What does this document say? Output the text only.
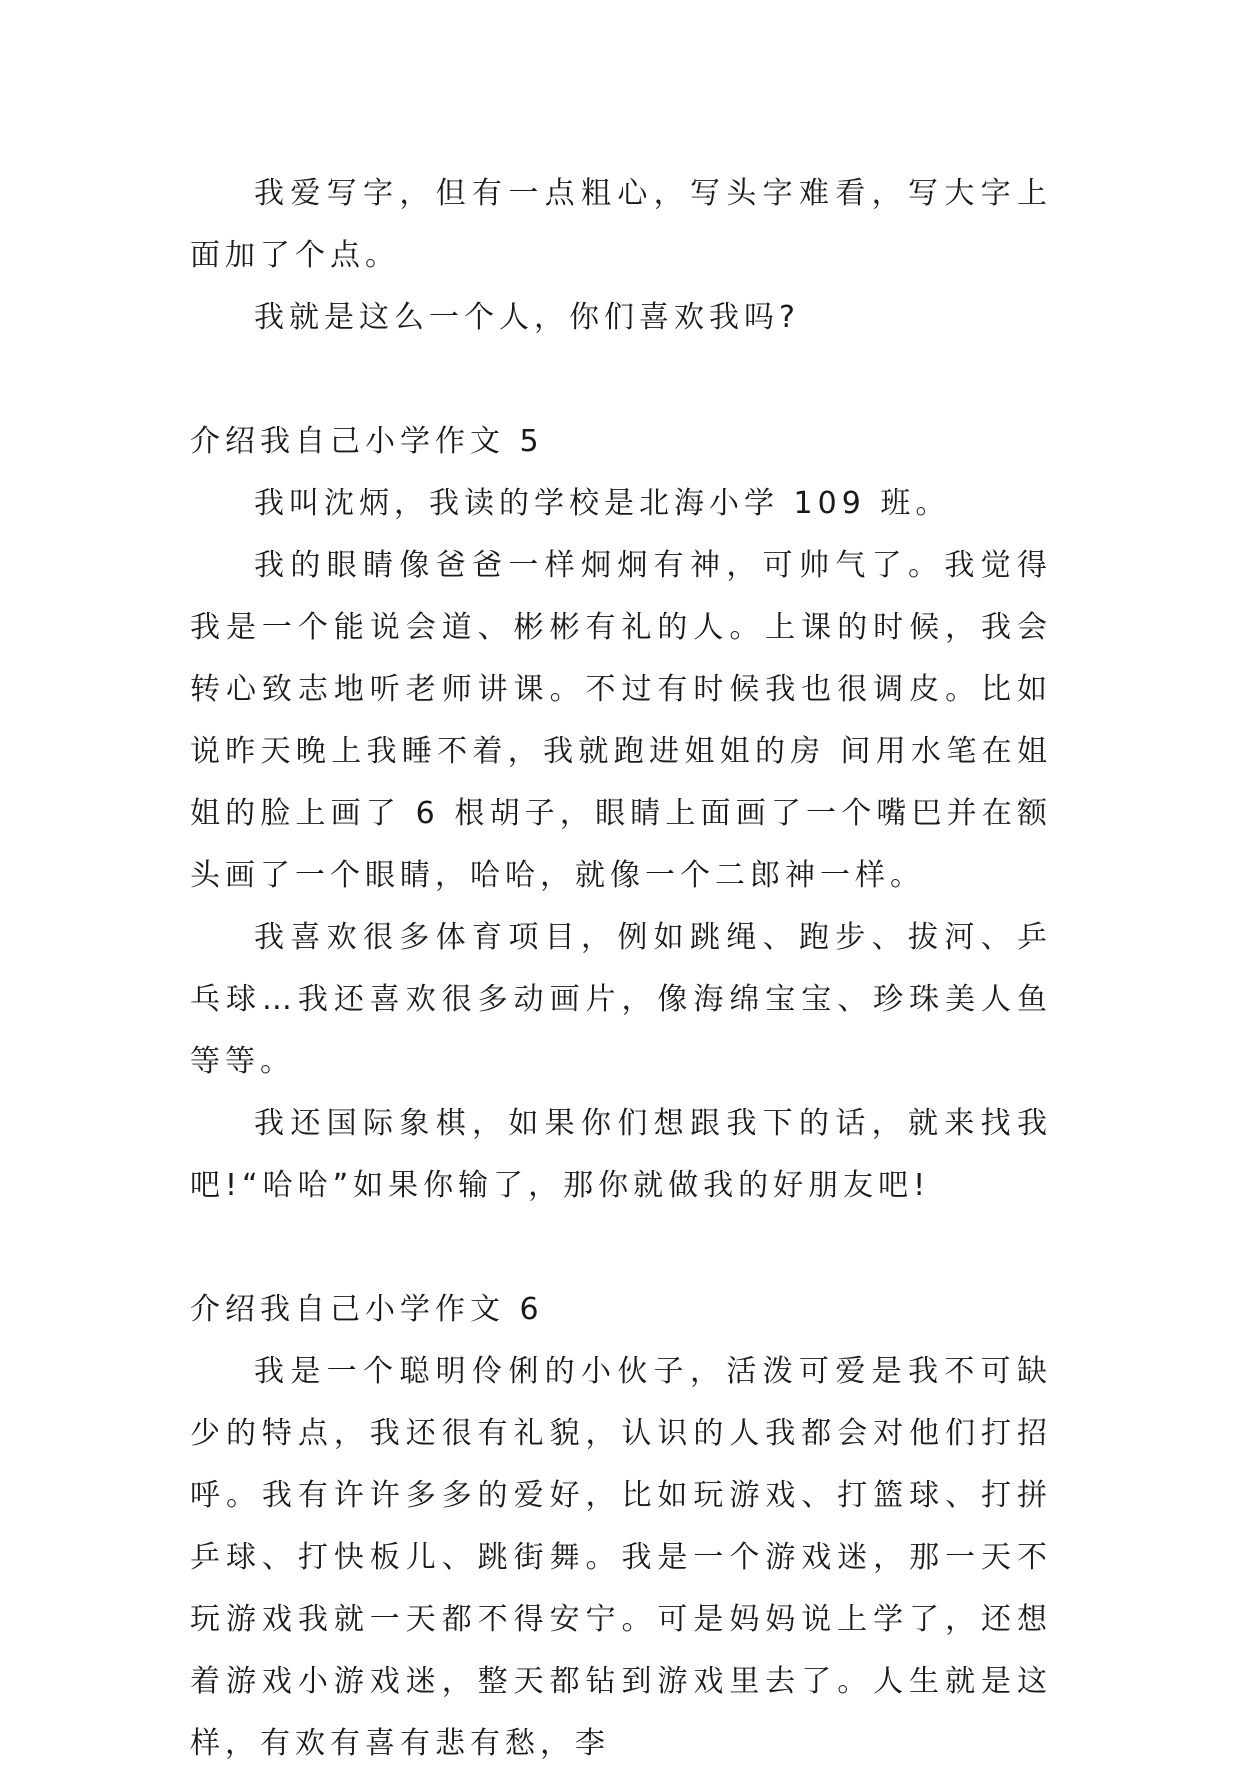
我爱写字，但有一点粗心，写头字难看，写大字上面加了个点。

我就是这么一个人，你们喜欢我吗?

介绍我自己小学作文 5

我叫沈炳，我读的学校是北海小学 109 班。

我的眼睛像爸爸一样炯炯有神，可帅气了。我觉得我是一个能说会道、彬彬有礼的人。上课的时候，我会转心致志地听老师讲课。不过有时候我也很调皮。比如说昨天晚上我睡不着，我就跑进姐姐的房 间用水笔在姐姐的脸上画了 6 根胡子，眼睛上面画了一个嘴巴并在额头画了一个眼睛，哈哈，就像一个二郎神一样。

我喜欢很多体育项目，例如跳绳、跑步、拔河、乒乓球…我还喜欢很多动画片，像海绵宝宝、珍珠美人鱼等等。

我还国际象棋，如果你们想跟我下的话，就来找我吧!“哈哈”如果你输了，那你就做我的好朋友吧!

介绍我自己小学作文 6

我是一个聪明伶俐的小伙子，活泼可爱是我不可缺少的特点，我还很有礼貌，认识的人我都会对他们打招呼。我有许许多多的爱好，比如玩游戏、打篮球、打拼乒球、打快板儿、跳街舞。我是一个游戏迷，那一天不玩游戏我就一天都不得安宁。可是妈妈说上学了，还想着游戏小游戏迷，整天都钻到游戏里去了。人生就是这样，有欢有喜有悲有愁，李
